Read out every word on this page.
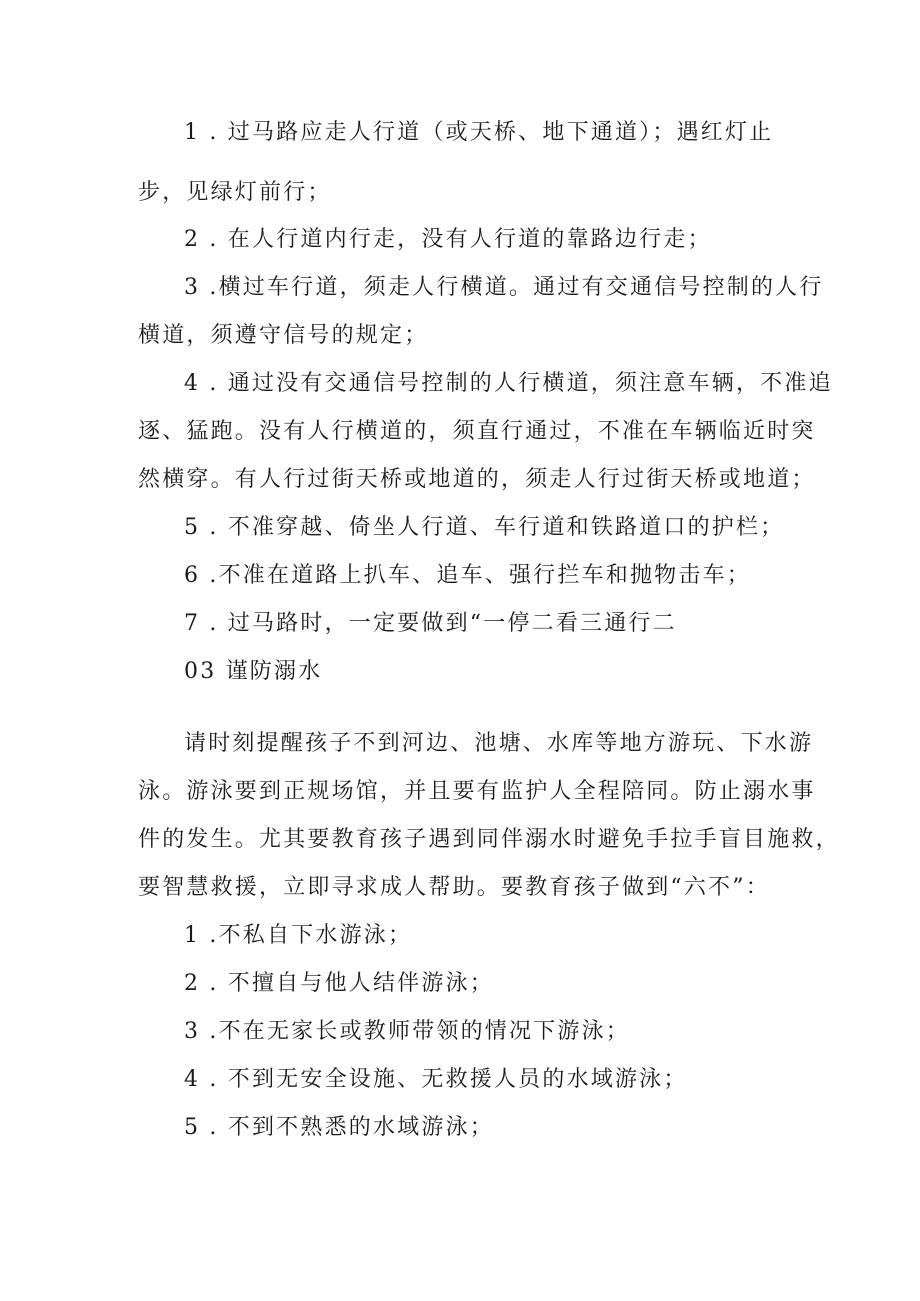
1 . 过马路应走人行道（或天桥、地下通道）；遇红灯止
步，见绿灯前行；
2 . 在人行道内行走，没有人行道的靠路边行走；
3 .横过车行道，须走人行横道。通过有交通信号控制的人行
横道，须遵守信号的规定；
4 . 通过没有交通信号控制的人行横道，须注意车辆，不准追
逐、猛跑。没有人行横道的，须直行通过，不准在车辆临近时突
然横穿。有人行过街天桥或地道的，须走人行过街天桥或地道；
5 . 不准穿越、倚坐人行道、车行道和铁路道口的护栏；
6 .不准在道路上扒车、追车、强行拦车和抛物击车；
7 . 过马路时，一定要做到“一停二看三通行二
03 谨防溺水
请时刻提醒孩子不到河边、池塘、水库等地方游玩、下水游
泳。游泳要到正规场馆，并且要有监护人全程陪同。防止溺水事
件的发生。尤其要教育孩子遇到同伴溺水时避免手拉手盲目施救，
要智慧救援，立即寻求成人帮助。要教育孩子做到“六不”：
1 .不私自下水游泳；
2 . 不擅自与他人结伴游泳；
3 .不在无家长或教师带领的情况下游泳；
4 . 不到无安全设施、无救援人员的水域游泳；
5 . 不到不熟悉的水域游泳；
